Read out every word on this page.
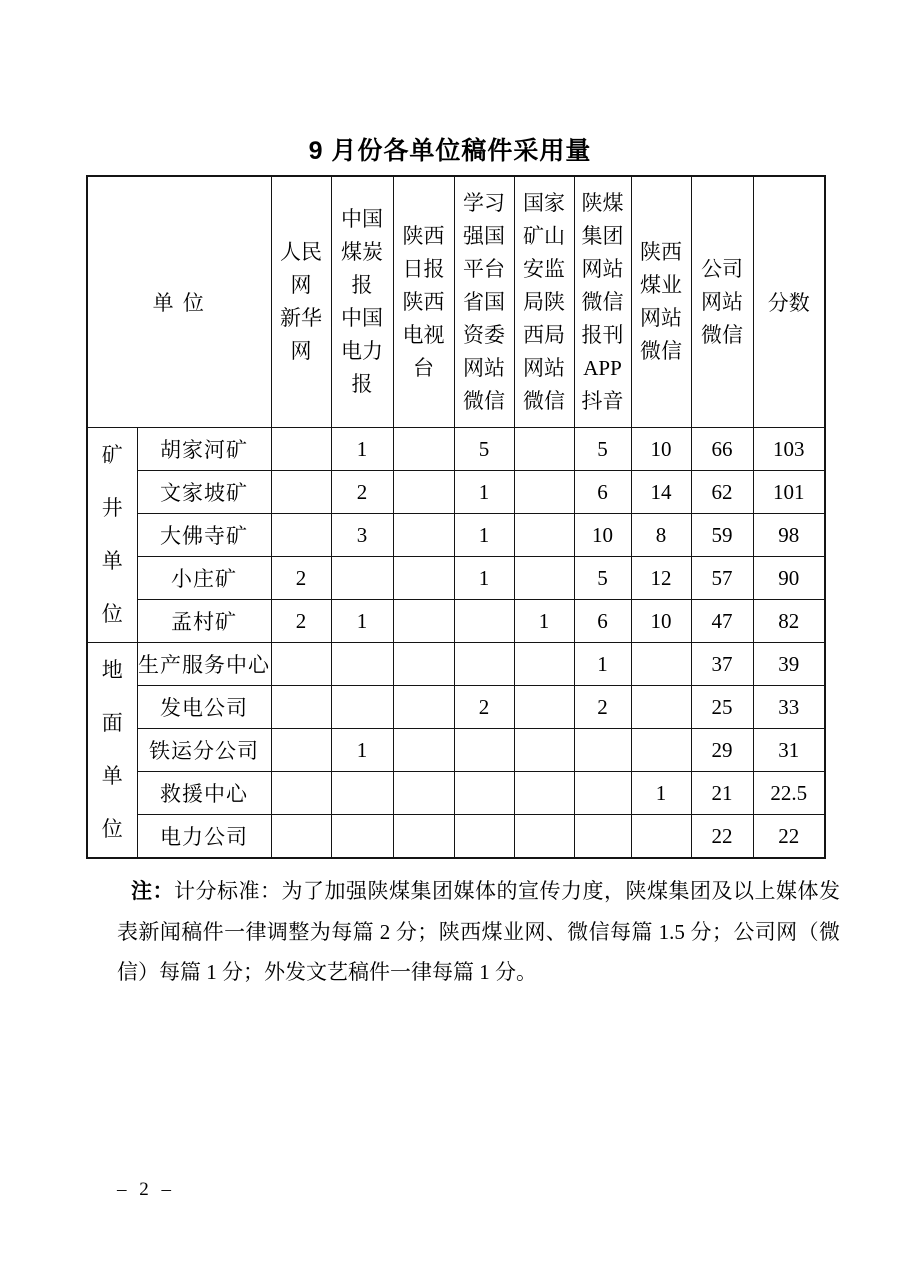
9 月份各单位稿件采用量
单 位	人民
网
新华
网	中国
煤炭
报
中国
电力
报	陕西
日报
陕西
电视
台	学习
强国
平台
省国
资委
网站
微信	国家
矿山
安监
局陕
西局
网站
微信	陕煤
集团
网站
微信
报刊
APP
抖音	陕西
煤业
网站
微信	公司
网站
微信	分数
矿
井
单
位	胡家河矿		1		5		5	10	66	103
	文家坡矿		2		1		6	14	62	101
	大佛寺矿		3		1		10	8	59	98
	小庄矿	2			1		5	12	57	90
	孟村矿	2	1			1	6	10	47	82
地
面
单
位	生产服务中心						1		37	39
	发电公司				2		2		25	33
	铁运分公司		1						29	31
	救援中心							1	21	22.5
	电力公司								22	22

注：计分标准：为了加强陕煤集团媒体的宣传力度，陕煤集团及以上媒体发表新闻稿件一律调整为每篇 2 分；陕西煤业网、微信每篇 1.5 分；公司网（微信）每篇 1 分；外发文艺稿件一律每篇 1 分。

– 2 –
